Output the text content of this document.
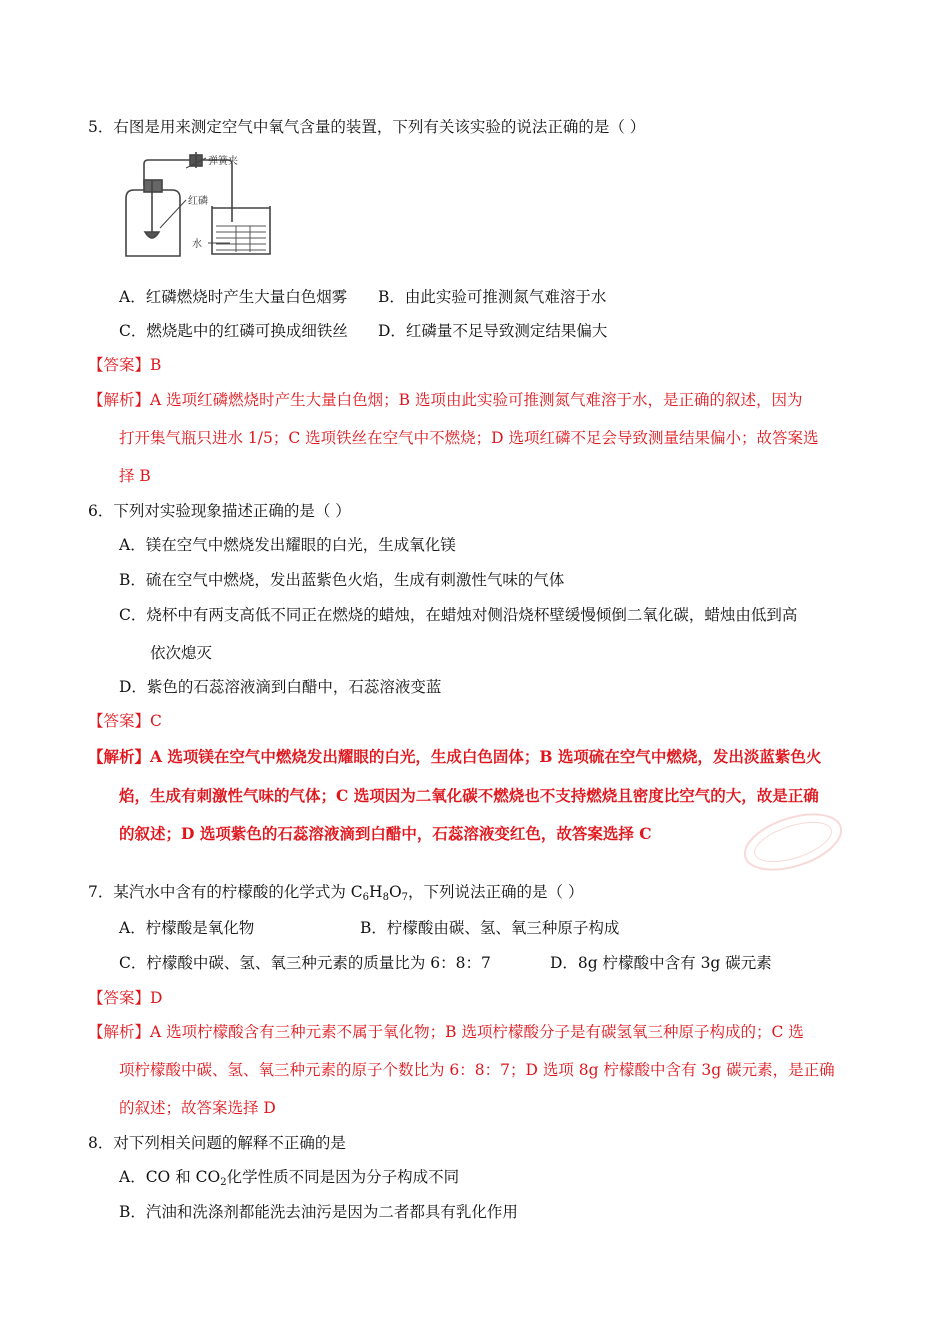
5．右图是用来测定空气中氧气含量的装置，下列有关该实验的说法正确的是（ ）
弹簧夹
红磷
水
A．红磷燃烧时产生大量白色烟雾 B．由此实验可推测氮气难溶于水
C．燃烧匙中的红磷可换成细铁丝 D．红磷量不足导致测定结果偏大
【答案】B
【解析】A 选项红磷燃烧时产生大量白色烟；B 选项由此实验可推测氮气难溶于水，是正确的叙述，因为
打开集气瓶只进水 1/5；C 选项铁丝在空气中不燃烧；D 选项红磷不足会导致测量结果偏小；故答案选
择 B
6．下列对实验现象描述正确的是（ ）
A．镁在空气中燃烧发出耀眼的白光，生成氧化镁
B．硫在空气中燃烧，发出蓝紫色火焰，生成有刺激性气味的气体
C．烧杯中有两支高低不同正在燃烧的蜡烛，在蜡烛对侧沿烧杯壁缓慢倾倒二氧化碳，蜡烛由低到高
依次熄灭
D．紫色的石蕊溶液滴到白醋中，石蕊溶液变蓝
【答案】C
【解析】A 选项镁在空气中燃烧发出耀眼的白光，生成白色固体；B 选项硫在空气中燃烧，发出淡蓝紫色火
焰，生成有刺激性气味的气体；C 选项因为二氧化碳不燃烧也不支持燃烧且密度比空气的大，故是正确
的叙述；D 选项紫色的石蕊溶液滴到白醋中，石蕊溶液变红色，故答案选择 C
7．某汽水中含有的柠檬酸的化学式为 $C_6H_8O_7$，下列说法正确的是（ ）
A．柠檬酸是氧化物	B．柠檬酸由碳、氢、氧三种原子构成
C．柠檬酸中碳、氢、氧三种元素的质量比为 6：8：7	D．8g 柠檬酸中含有 3g 碳元素
【答案】D
【解析】A 选项柠檬酸含有三种元素不属于氧化物；B 选项柠檬酸分子是有碳氢氧三种原子构成的；C 选
项柠檬酸中碳、氢、氧三种元素的原子个数比为 6：8：7；D 选项 8g 柠檬酸中含有 3g 碳元素，是正确
的叙述；故答案选择 D
8．对下列相关问题的解释不正确的是
A．CO 和 $CO_2$化学性质不同是因为分子构成不同
B．汽油和洗涤剂都能洗去油污是因为二者都具有乳化作用
